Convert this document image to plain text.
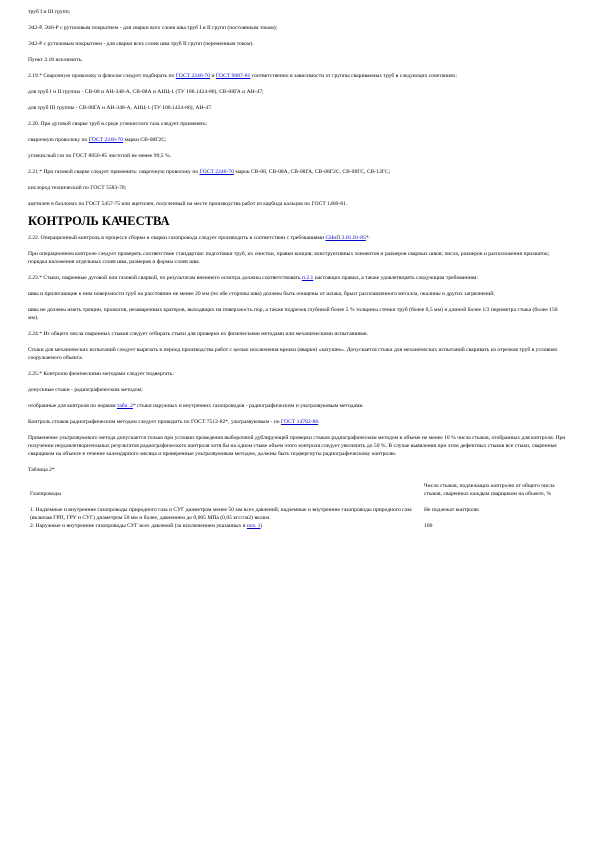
труб I и III групп;

Э42-Р, Э46-Р с рутиловым покрытием - для сварки всех слоев шва труб I и II групп (постоянным током);

Э42-Р с рутиловым покрытием - для сварки всех слоев шва труб II групп (переменным током).

Пункт 2.18 исключить.

2.19.* Сварочную проволоку и флюсом следует подбирать по ГОСТ 2246-70 и ГОСТ 9087-81 соответственно в зависимости от группы свариваемых труб в следующих сочетаниях:

для труб I и II группы - СВ-08 и АН-348-А, СВ-08А и АНЦ-1 (ТУ 108.1424-86), СВ-08ГА и АН-47;

для труб III группы - СВ-08ГА и АН-348-А, АНЦ-1 (ТУ 108.1424-86), АН-47.

2.20. При дуговой сварке труб в среде углекислого газа следует применять:

сварочную проволоку по ГОСТ 2246-70 марки СВ-08Г2С;

углекислый газ по ГОСТ 8050-85 чистотой не менее 99,5 %.

2.21.* При газовой сварке следует применять: сварочную проволоку по ГОСТ 2246-70 марок СВ-08, СВ-08А, СВ-08ГА, СВ-08Г2С, СВ-08ГС, СВ-12ГС;

кислород технический по ГОСТ 5583-78;

ацетилен в баллонах по ГОСТ 5457-75 или ацетилен, полученный на месте производства работ из карбида кальция по ГОСТ 1460-81.

КОНТРОЛЬ КАЧЕСТВА

2.22. Операционный контроль в процессе сборки и сварки газопровода следует производить в соответствии с требованиями СНиП 3.01.01-85*.

При операционном контроле следует проверять соответствие стандартам: подготовки труб, их очистки, правки концов; конструктивных элементов и размеров сварных швов; числа, размеров и расположения прихваток; порядка наложения отдельных слоев шва, размеров и формы слоев шва.

2.23.* Стыки, сваренные дуговой или газовой сваркой, по результатам внешнего осмотра должны соответствовать п.2.1 настоящих правил, а также удовлетворять следующим требованиям:

швы и прилегающие к ним поверхности труб на расстоянии не менее 20 мм (по обе стороны шва) должны быть очищены от шлака, брызг расплавленного металла, окалины и других загрязнений;

швы не должны иметь трещин, прожогов, незаваренных кратеров, выходящих на поверхность пор, а также подрезов глубиной более 5 % толщины стенки труб (более 0,5 мм) и длиной более 1/3 периметра стыка (более 150 мм).

2.24.* Из общего числа сваренных стыков следует отбирать стыки для проверки их физическими методами или механическими испытаниями.

Стыки для механических испытаний следует вырезать в период производства работ с целью исключения врезки (вварки) «катушек». Допускается стыки для механических испытаний сваривать из отрезков труб в условиях сооружаемого объекта.

2.25.* Контролю физическими методами следует подвергать:

допускные стыки - радиографическим методом;

отобранные для контроля по нормам табл. 2* стыки наружных и внутренних газопроводов - радиографическим и ультразвуковым методами.

Контроль стыков радиографическим методом следует проводить по ГОСТ 7512-82*, ультразвуковым - по ГОСТ 14782-86.

Применение ультразвукового метода допускается только при условии проведения выборочной дублирующей проверки стыков радиографическим методом в объеме не менее 10 % числа стыков, отобранных для контроля. При получении неудовлетворительных результатов радиографического контроля хотя бы на одном стыке объем этого контроля следует увеличить до 50 %. В случае выявления при этом дефектных стыков все стыки, сваренные сварщиком на объекте в течение календарного месяца и проверенные ультразвуковым методом, должны быть подвергнуты радиографическому контролю.

Таблица 2*

Газопроводы	Число стыков, подлежащих контролю от общего числа стыков, сваренных каждым сварщиком на объекте, %

1. Надземные и внутренние газопроводы природного газа и СУГ диаметром менее 50 мм всех давлений; надземные и внутренние газопроводы природного газа (включая ГРП, ГРУ и СУГ) диаметром 50 мм и более, давлением до 0,005 МПа (0,05 кгс/см2) включ.	Не подлежат контролю
2. Наружные и внутренние газопроводы СУГ всех давлений (за исключением указанных в поз. 1)	100
